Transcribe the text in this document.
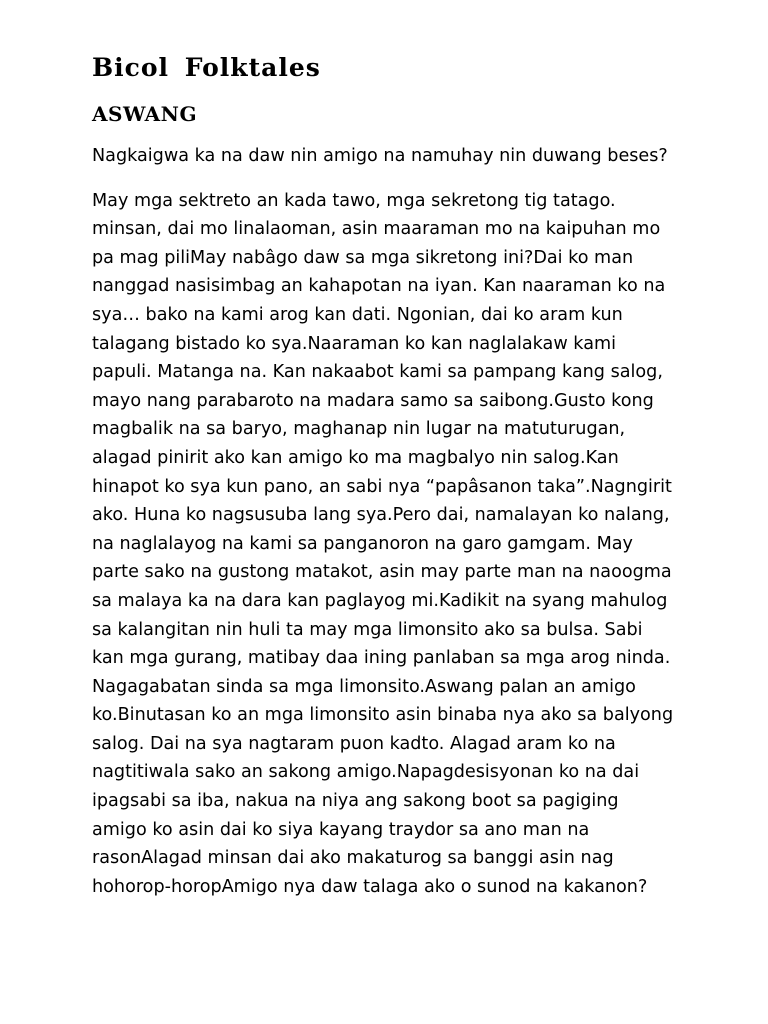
Bicol Folktales
ASWANG
Nagkaigwa ka na daw nin amigo na namuhay nin duwang beses?
May mga sektreto an kada tawo, mga sekretong tig tatago.
minsan, dai mo linalaoman, asin maaraman mo na kaipuhan mo
pa mag piliMay nabâgo daw sa mga sikretong ini?Dai ko man
nanggad nasisimbag an kahapotan na iyan. Kan naaraman ko na
sya… bako na kami arog kan dati. Ngonian, dai ko aram kun
talagang bistado ko sya.Naaraman ko kan naglalakaw kami
papuli. Matanga na. Kan nakaabot kami sa pampang kang salog,
mayo nang parabaroto na madara samo sa saibong.Gusto kong
magbalik na sa baryo, maghanap nin lugar na matuturugan,
alagad pinirit ako kan amigo ko ma magbalyo nin salog.Kan
hinapot ko sya kun pano, an sabi nya “papâsanon taka”.Nagngirit
ako. Huna ko nagsusuba lang sya.Pero dai, namalayan ko nalang,
na naglalayog na kami sa panganoron na garo gamgam. May
parte sako na gustong matakot, asin may parte man na naoogma
sa malaya ka na dara kan paglayog mi.Kadikit na syang mahulog
sa kalangitan nin huli ta may mga limonsito ako sa bulsa. Sabi
kan mga gurang, matibay daa ining panlaban sa mga arog ninda.
Nagagabatan sinda sa mga limonsito.Aswang palan an amigo
ko.Binutasan ko an mga limonsito asin binaba nya ako sa balyong
salog. Dai na sya nagtaram puon kadto. Alagad aram ko na
nagtitiwala sako an sakong amigo.Napagdesisyonan ko na dai
ipagsabi sa iba, nakua na niya ang sakong boot sa pagiging
amigo ko asin dai ko siya kayang traydor sa ano man na
rasonAlagad minsan dai ako makaturog sa banggi asin nag
hohorop-horopAmigo nya daw talaga ako o sunod na kakanon?
